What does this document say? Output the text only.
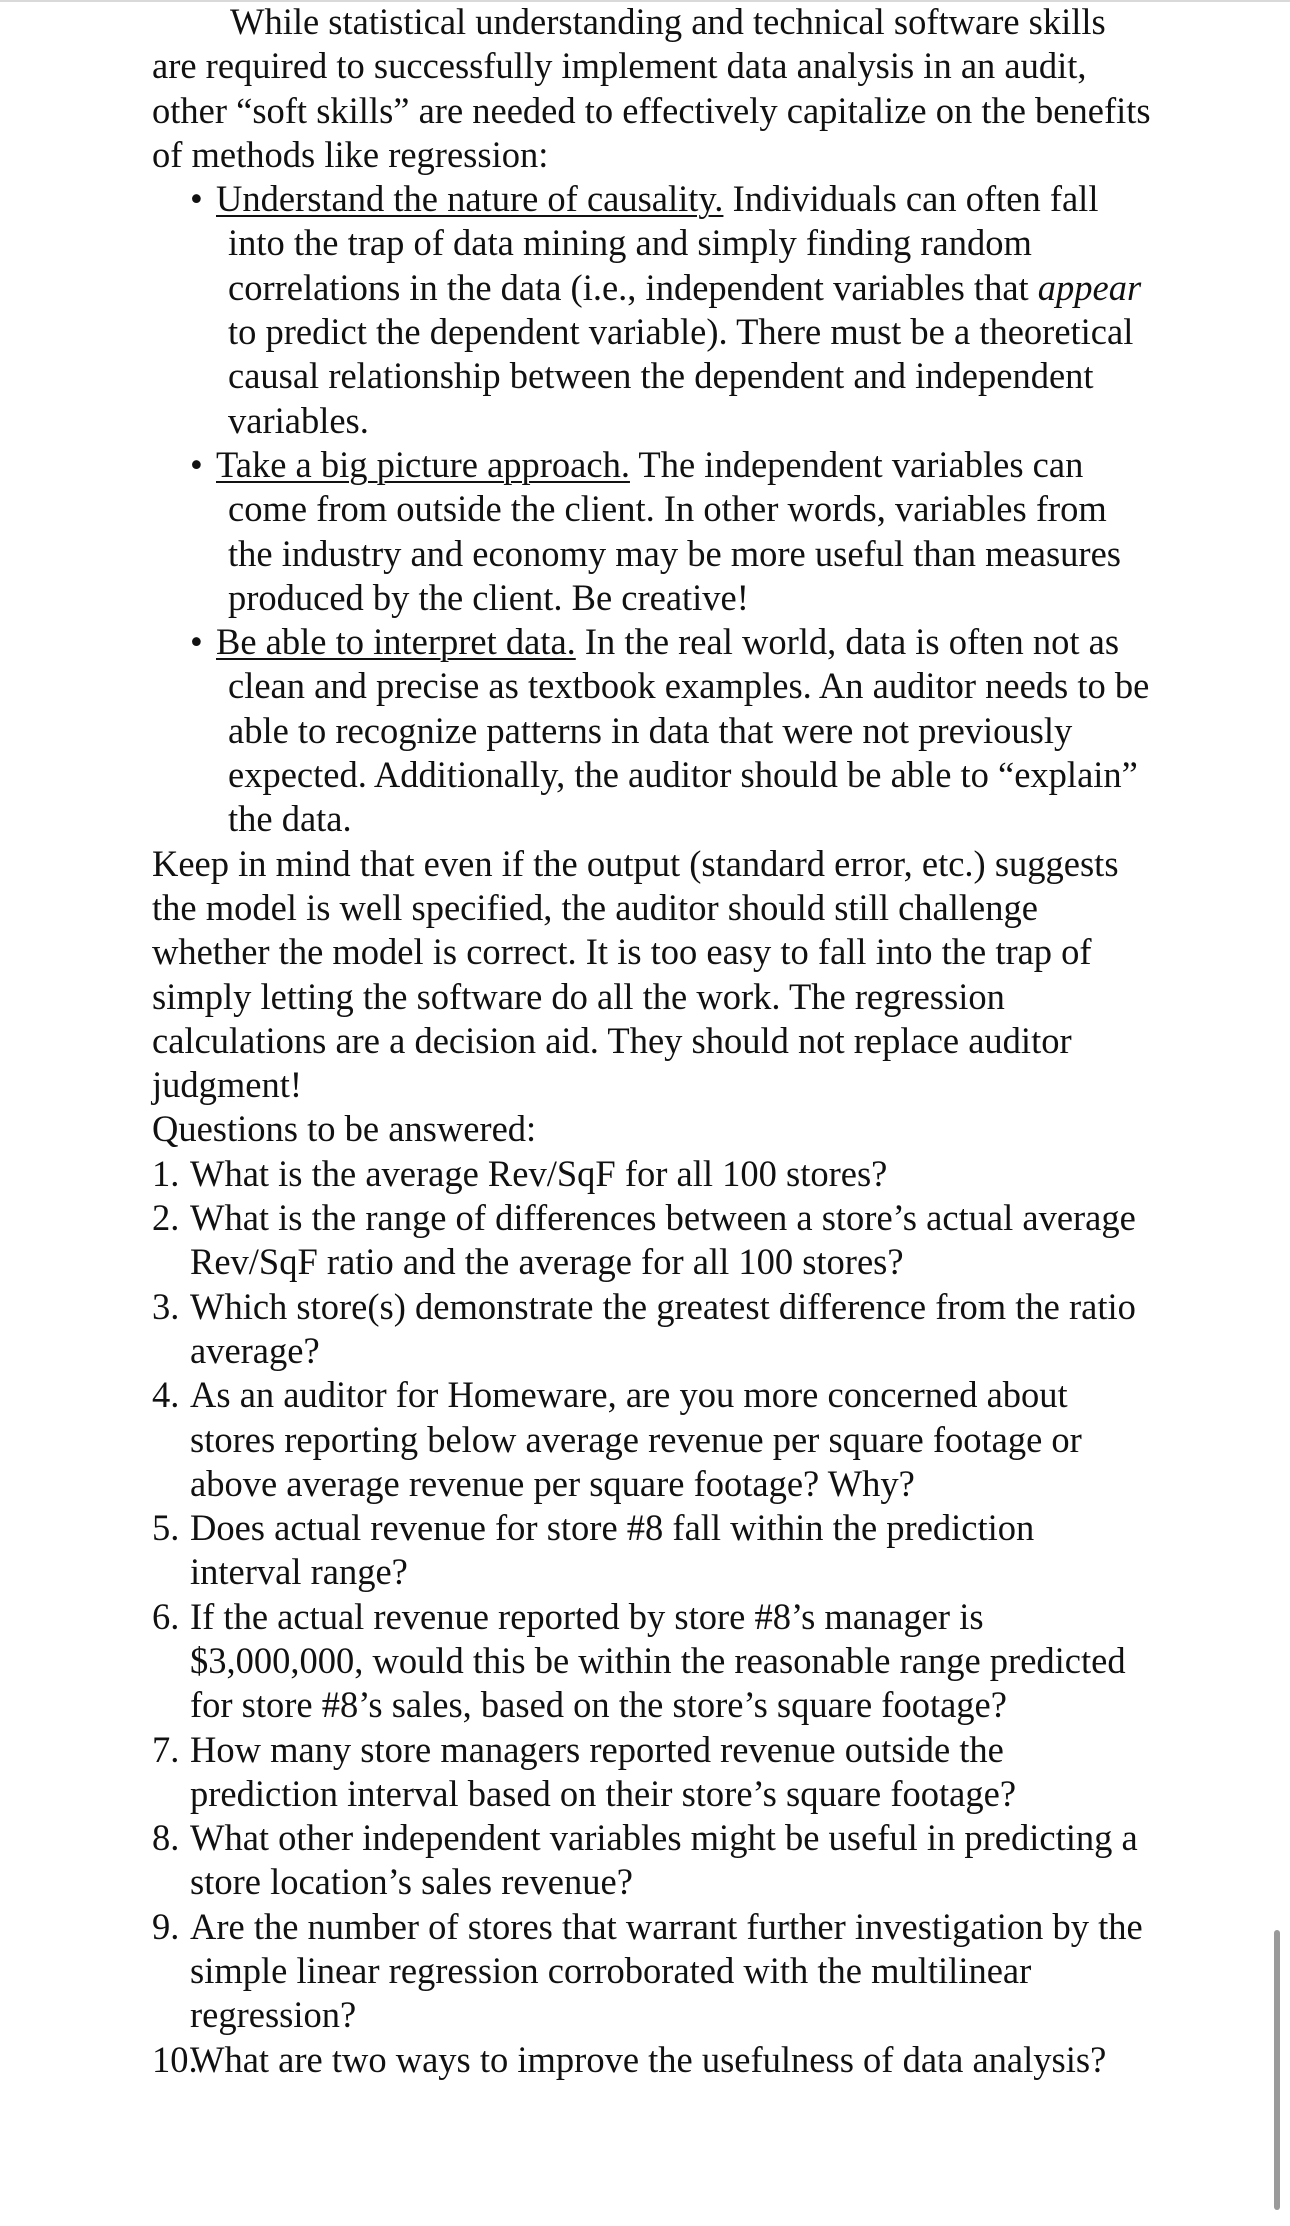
While statistical understanding and technical software skills are required to successfully implement data analysis in an audit, other “soft skills” are needed to effectively capitalize on the benefits of methods like regression:

• Understand the nature of causality. Individuals can often fall into the trap of data mining and simply finding random correlations in the data (i.e., independent variables that appear to predict the dependent variable). There must be a theoretical causal relationship between the dependent and independent variables.
• Take a big picture approach. The independent variables can come from outside the client. In other words, variables from the industry and economy may be more useful than measures produced by the client. Be creative!
• Be able to interpret data. In the real world, data is often not as clean and precise as textbook examples. An auditor needs to be able to recognize patterns in data that were not previously expected. Additionally, the auditor should be able to “explain” the data.

Keep in mind that even if the output (standard error, etc.) suggests the model is well specified, the auditor should still challenge whether the model is correct. It is too easy to fall into the trap of simply letting the software do all the work. The regression calculations are a decision aid. They should not replace auditor judgment!

Questions to be answered:

1. What is the average Rev/SqF for all 100 stores?
2. What is the range of differences between a store’s actual average Rev/SqF ratio and the average for all 100 stores?
3. Which store(s) demonstrate the greatest difference from the ratio average?
4. As an auditor for Homeware, are you more concerned about stores reporting below average revenue per square footage or above average revenue per square footage? Why?
5. Does actual revenue for store #8 fall within the prediction interval range?
6. If the actual revenue reported by store #8’s manager is $3,000,000, would this be within the reasonable range predicted for store #8’s sales, based on the store’s square footage?
7. How many store managers reported revenue outside the prediction interval based on their store’s square footage?
8. What other independent variables might be useful in predicting a store location’s sales revenue?
9. Are the number of stores that warrant further investigation by the simple linear regression corroborated with the multilinear regression?
10.
What are two ways to improve the usefulness of data analysis?
